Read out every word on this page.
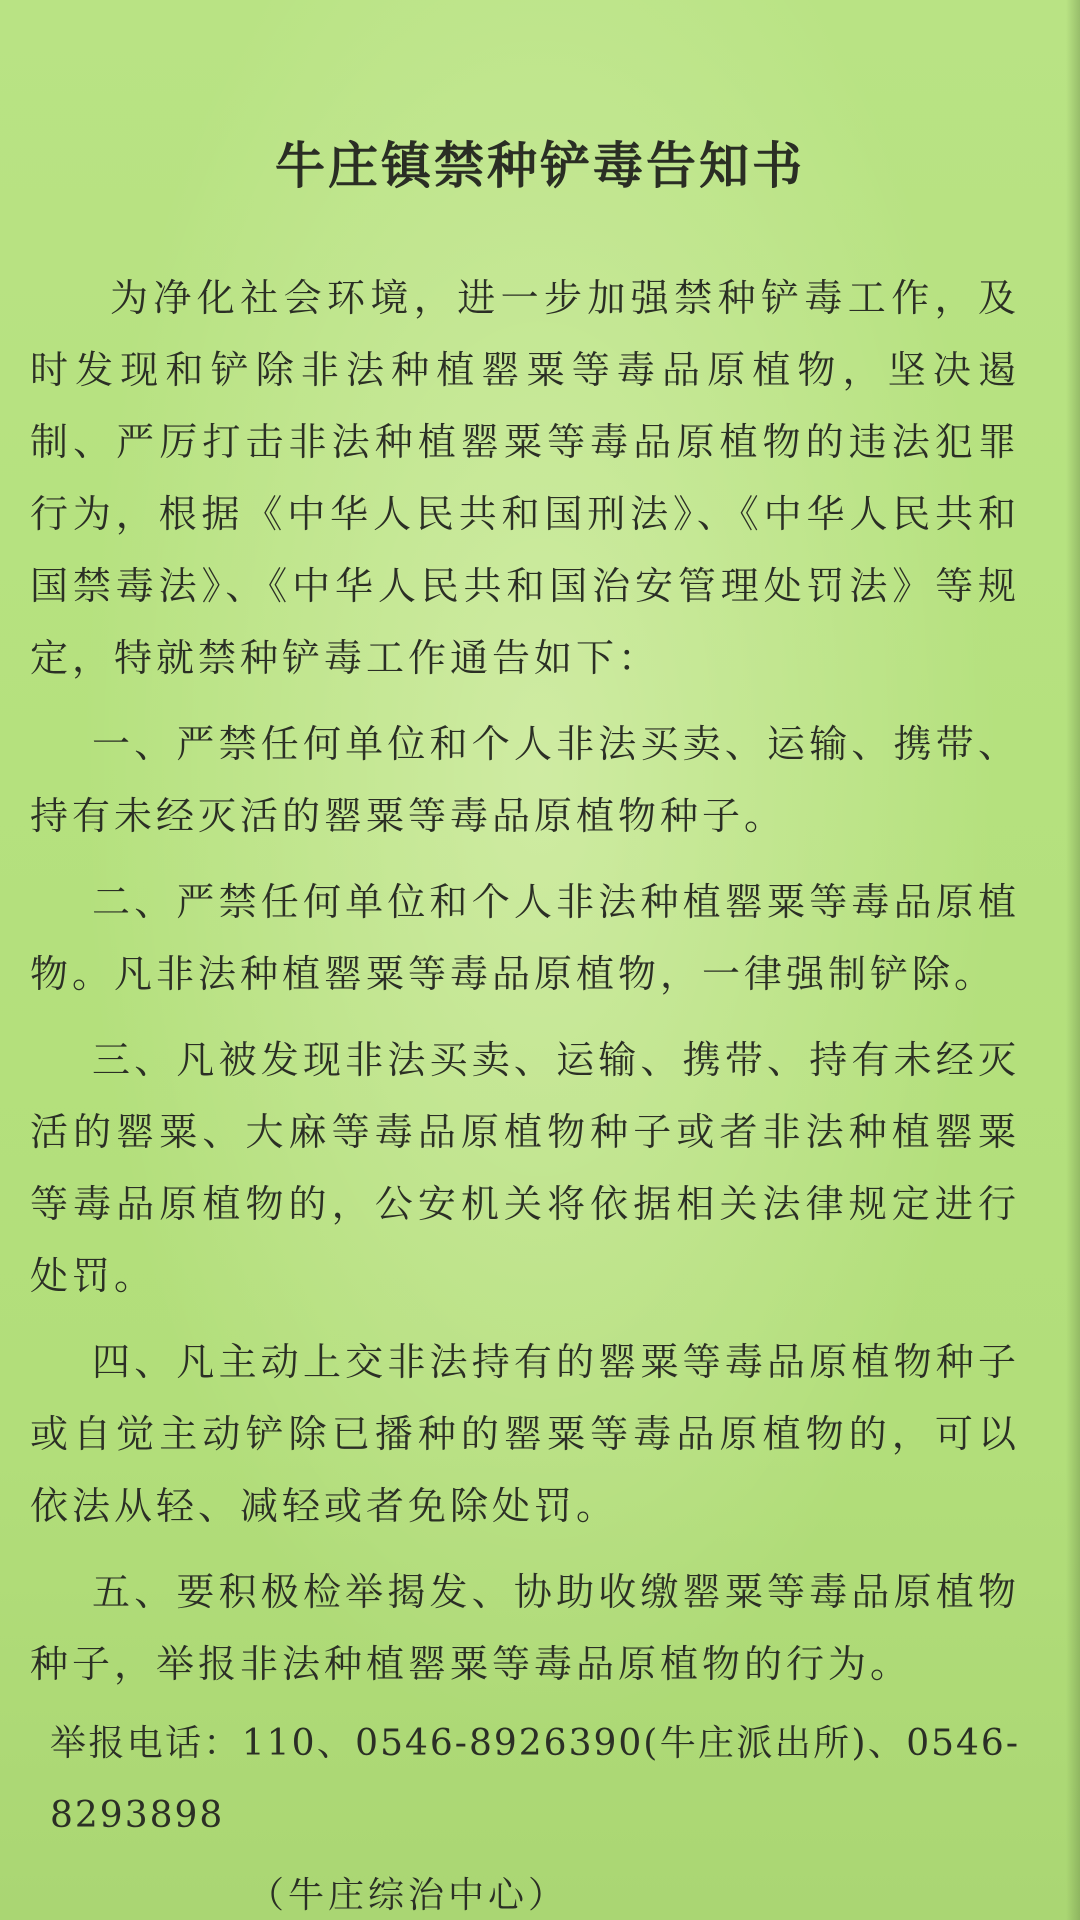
牛庄镇禁种铲毒告知书

为净化社会环境，进一步加强禁种铲毒工作，及时发现和铲除非法种植罂粟等毒品原植物，坚决遏制、严厉打击非法种植罂粟等毒品原植物的违法犯罪行为，根据《中华人民共和国刑法》、《中华人民共和国禁毒法》、《中华人民共和国治安管理处罚法》等规定，特就禁种铲毒工作通告如下：

一、严禁任何单位和个人非法买卖、运输、携带、持有未经灭活的罂粟等毒品原植物种子。

二、严禁任何单位和个人非法种植罂粟等毒品原植物。凡非法种植罂粟等毒品原植物，一律强制铲除。

三、凡被发现非法买卖、运输、携带、持有未经灭活的罂粟、大麻等毒品原植物种子或者非法种植罂粟等毒品原植物的，公安机关将依据相关法律规定进行处罚。

四、凡主动上交非法持有的罂粟等毒品原植物种子或自觉主动铲除已播种的罂粟等毒品原植物的，可以依法从轻、减轻或者免除处罚。

五、要积极检举揭发、协助收缴罂粟等毒品原植物种子，举报非法种植罂粟等毒品原植物的行为。

举报电话：110、0546-8926390(牛庄派出所)、0546-8293898

（牛庄综治中心）
